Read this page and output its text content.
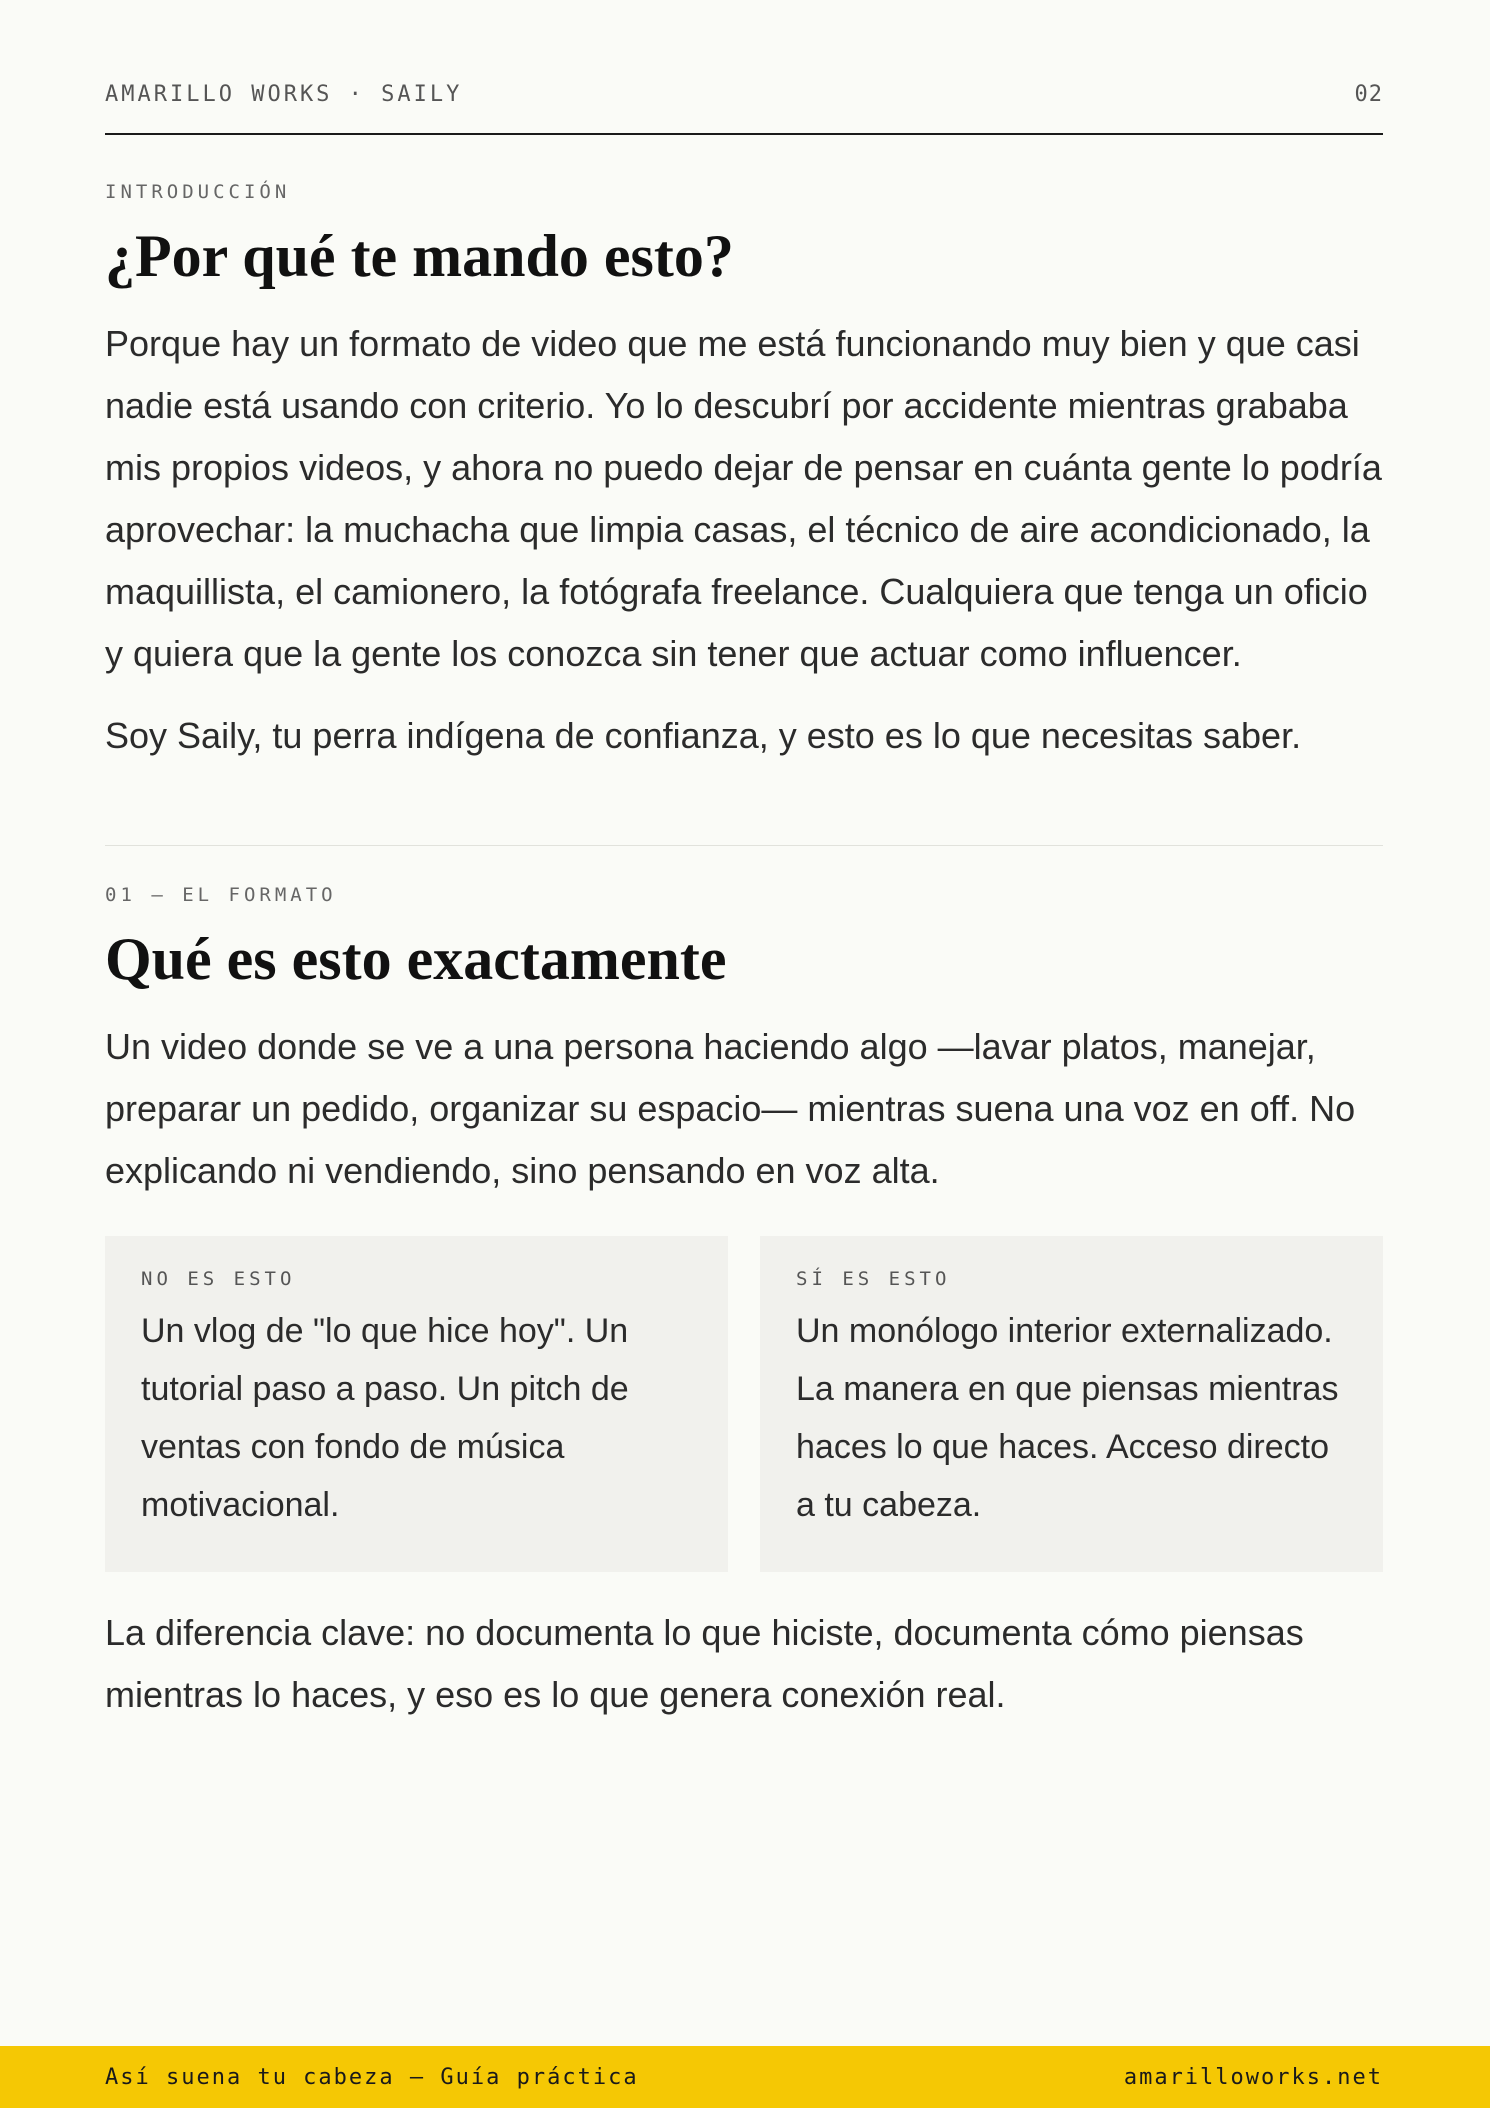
AMARILLO WORKS · SAILY	02

INTRODUCCIÓN

¿Por qué te mando esto?

Porque hay un formato de video que me está funcionando muy bien y que casi nadie está usando con criterio. Yo lo descubrí por accidente mientras grababa mis propios videos, y ahora no puedo dejar de pensar en cuánta gente lo podría aprovechar: la muchacha que limpia casas, el técnico de aire acondicionado, la maquillista, el camionero, la fotógrafa freelance. Cualquiera que tenga un oficio y quiera que la gente los conozca sin tener que actuar como influencer.

Soy Saily, tu perra indígena de confianza, y esto es lo que necesitas saber.

01 — EL FORMATO

Qué es esto exactamente

Un video donde se ve a una persona haciendo algo —lavar platos, manejar, preparar un pedido, organizar su espacio— mientras suena una voz en off. No explicando ni vendiendo, sino pensando en voz alta.

NO ES ESTO

Un vlog de "lo que hice hoy". Un tutorial paso a paso. Un pitch de ventas con fondo de música motivacional.

SÍ ES ESTO

Un monólogo interior externalizado. La manera en que piensas mientras haces lo que haces. Acceso directo a tu cabeza.

La diferencia clave: no documenta lo que hiciste, documenta cómo piensas mientras lo haces, y eso es lo que genera conexión real.

Así suena tu cabeza — Guía práctica	amarilloworks.net
